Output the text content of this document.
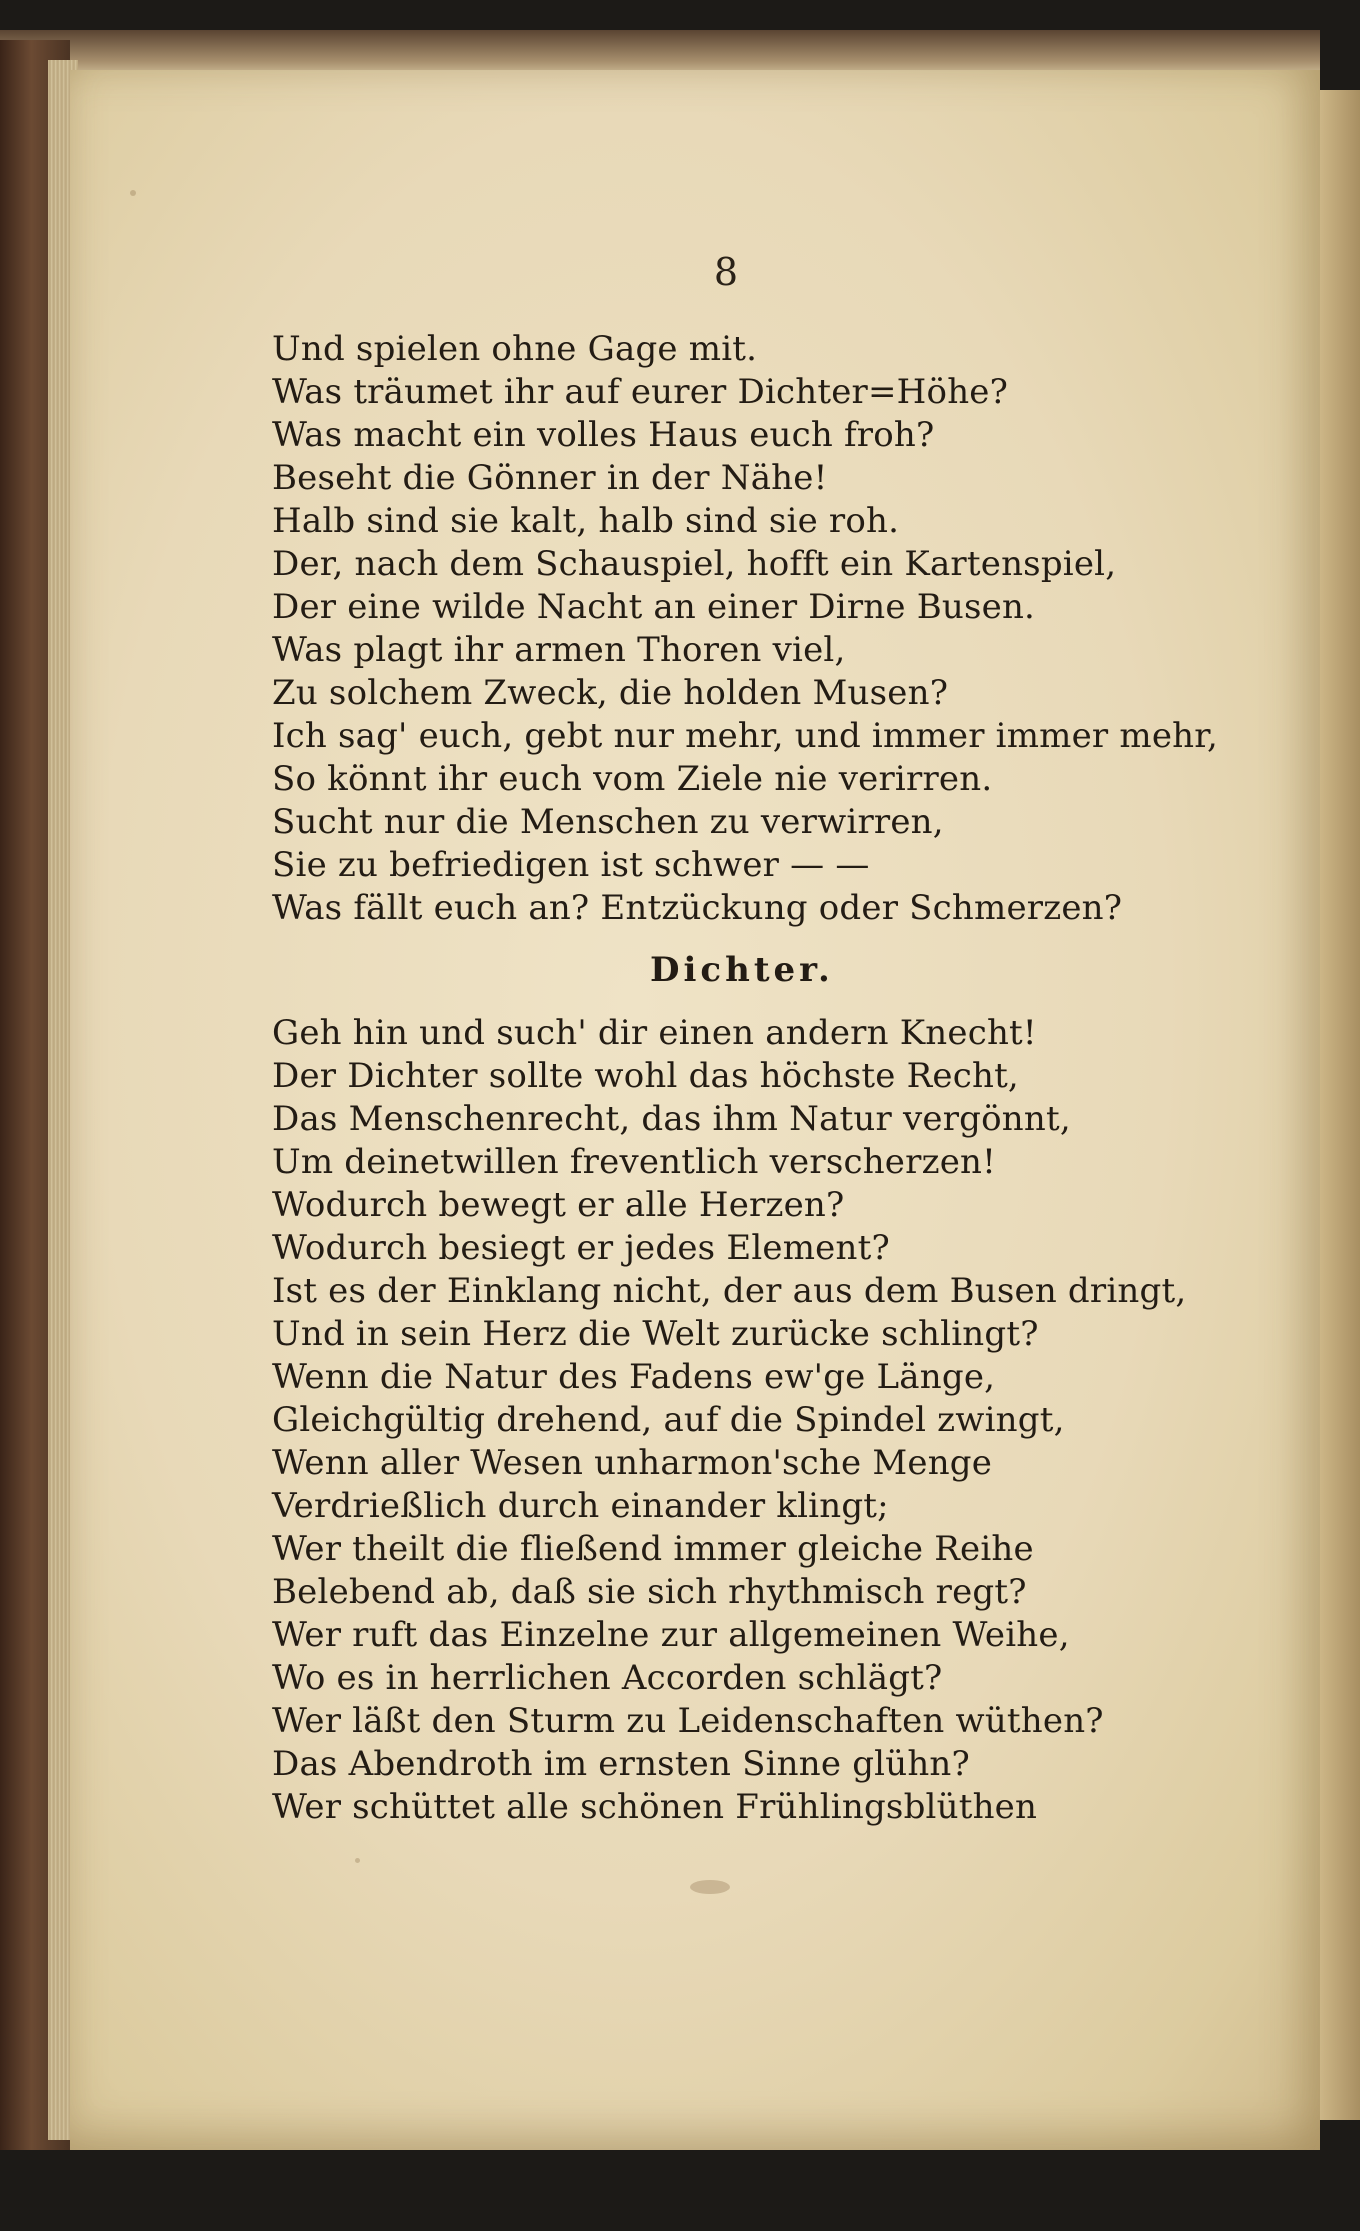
8
Und spielen ohne Gage mit.
Was träumet ihr auf eurer Dichter=Höhe?
Was macht ein volles Haus euch froh?
Beseht die Gönner in der Nähe!
Halb sind sie kalt, halb sind sie roh.
Der, nach dem Schauspiel, hofft ein Kartenspiel,
Der eine wilde Nacht an einer Dirne Busen.
Was plagt ihr armen Thoren viel,
Zu solchem Zweck, die holden Musen?
Ich sag' euch, gebt nur mehr, und immer immer mehr,
So könnt ihr euch vom Ziele nie verirren.
Sucht nur die Menschen zu verwirren,
Sie zu befriedigen ist schwer — —
Was fällt euch an? Entzückung oder Schmerzen?
Dichter.
Geh hin und such' dir einen andern Knecht!
Der Dichter sollte wohl das höchste Recht,
Das Menschenrecht, das ihm Natur vergönnt,
Um deinetwillen freventlich verscherzen!
Wodurch bewegt er alle Herzen?
Wodurch besiegt er jedes Element?
Ist es der Einklang nicht, der aus dem Busen dringt,
Und in sein Herz die Welt zurücke schlingt?
Wenn die Natur des Fadens ew'ge Länge,
Gleichgültig drehend, auf die Spindel zwingt,
Wenn aller Wesen unharmon'sche Menge
Verdrießlich durch einander klingt;
Wer theilt die fließend immer gleiche Reihe
Belebend ab, daß sie sich rhythmisch regt?
Wer ruft das Einzelne zur allgemeinen Weihe,
Wo es in herrlichen Accorden schlägt?
Wer läßt den Sturm zu Leidenschaften wüthen?
Das Abendroth im ernsten Sinne glühn?
Wer schüttet alle schönen Frühlingsblüthen
